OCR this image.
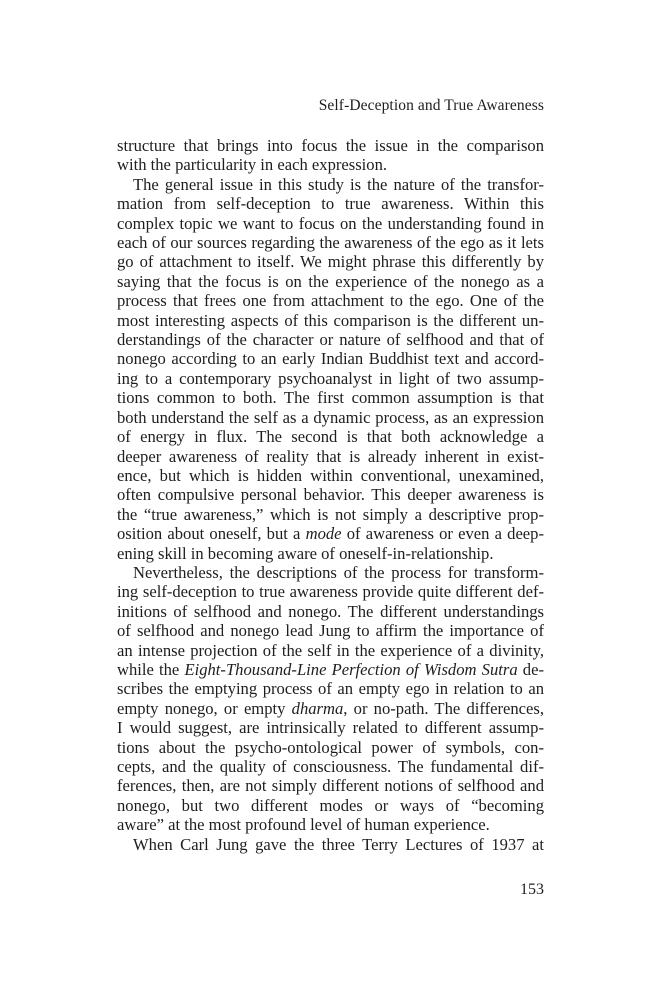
Self-Deception and True Awareness

structure that brings into focus the issue in the comparison
with the particularity in each expression.

The general issue in this study is the nature of the transfor-
mation from self-deception to true awareness. Within this
complex topic we want to focus on the understanding found in
each of our sources regarding the awareness of the ego as it lets
go of attachment to itself. We might phrase this differently by
saying that the focus is on the experience of the nonego as a
process that frees one from attachment to the ego. One of the
most interesting aspects of this comparison is the different un-
derstandings of the character or nature of selfhood and that of
nonego according to an early Indian Buddhist text and accord-
ing to a contemporary psychoanalyst in light of two assump-
tions common to both. The first common assumption is that
both understand the self as a dynamic process, as an expression
of energy in flux. The second is that both acknowledge a
deeper awareness of reality that is already inherent in exist-
ence, but which is hidden within conventional, unexamined,
often compulsive personal behavior. This deeper awareness is
the “true awareness,” which is not simply a descriptive prop-
osition about oneself, but a mode of awareness or even a deep-
ening skill in becoming aware of oneself-in-relationship.

Nevertheless, the descriptions of the process for transform-
ing self-deception to true awareness provide quite different def-
initions of selfhood and nonego. The different understandings
of selfhood and nonego lead Jung to affirm the importance of
an intense projection of the self in the experience of a divinity,
while the Eight-Thousand-Line Perfection of Wisdom Sutra de-
scribes the emptying process of an empty ego in relation to an
empty nonego, or empty dharma, or no-path. The differences,
I would suggest, are intrinsically related to different assump-
tions about the psycho-ontological power of symbols, con-
cepts, and the quality of consciousness. The fundamental dif-
ferences, then, are not simply different notions of selfhood and
nonego, but two different modes or ways of “becoming
aware” at the most profound level of human experience.

When Carl Jung gave the three Terry Lectures of 1937 at

153
